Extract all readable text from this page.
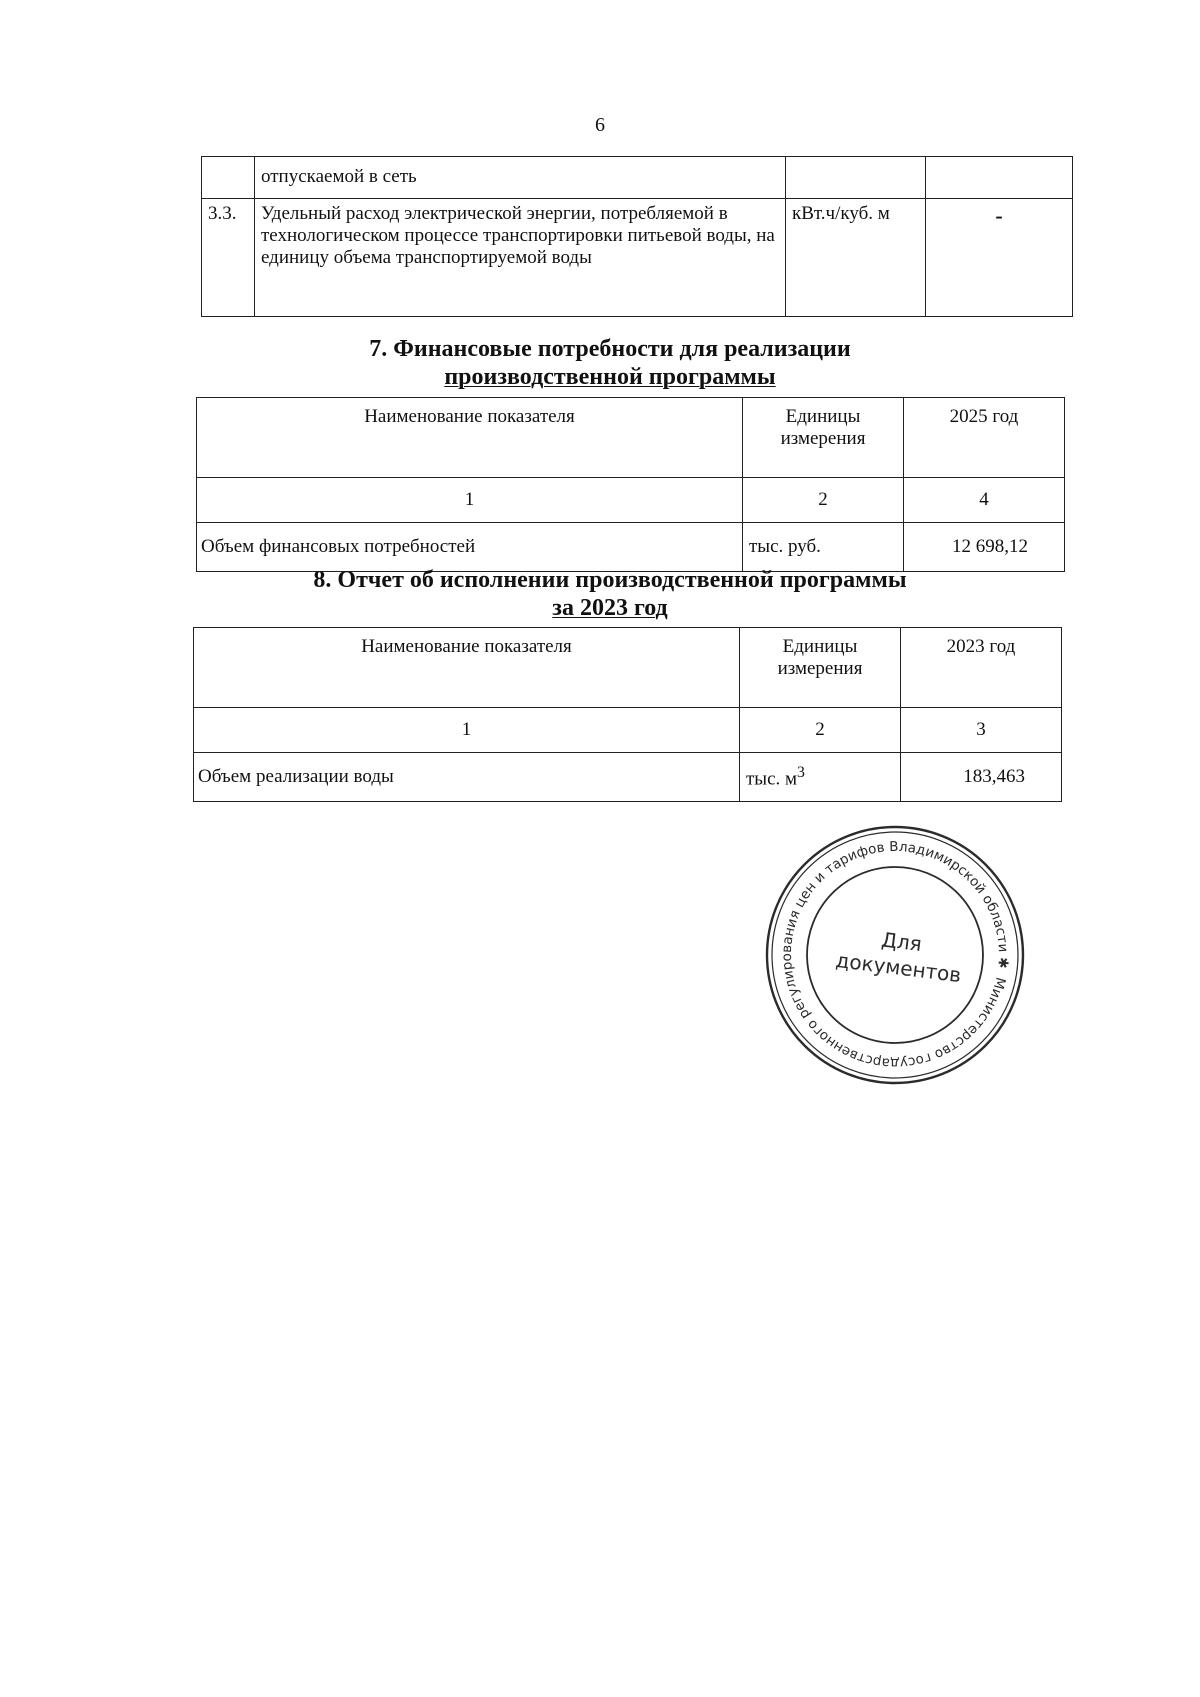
6
	отпускаемой в сеть		
3.3.	Удельный расход электрической энергии, потребляемой в технологическом процессе транспортировки питьевой воды, на единицу объема транспортируемой воды	кВт.ч/куб. м	-
7. Финансовые потребности для реализации
производственной программы
Наименование показателя	Единицы измерения	2025 год
1	2	4
Объем финансовых потребностей	тыс. руб.	12 698,12
8. Отчет об исполнении производственной программы
за 2023 год
Наименование показателя	Единицы измерения	2023 год
1	2	3
Объем реализации воды	тыс. $м^3$	183,463
Министерство государственного регулирования цен и тарифов Владимирской области ✱
Для
документов
